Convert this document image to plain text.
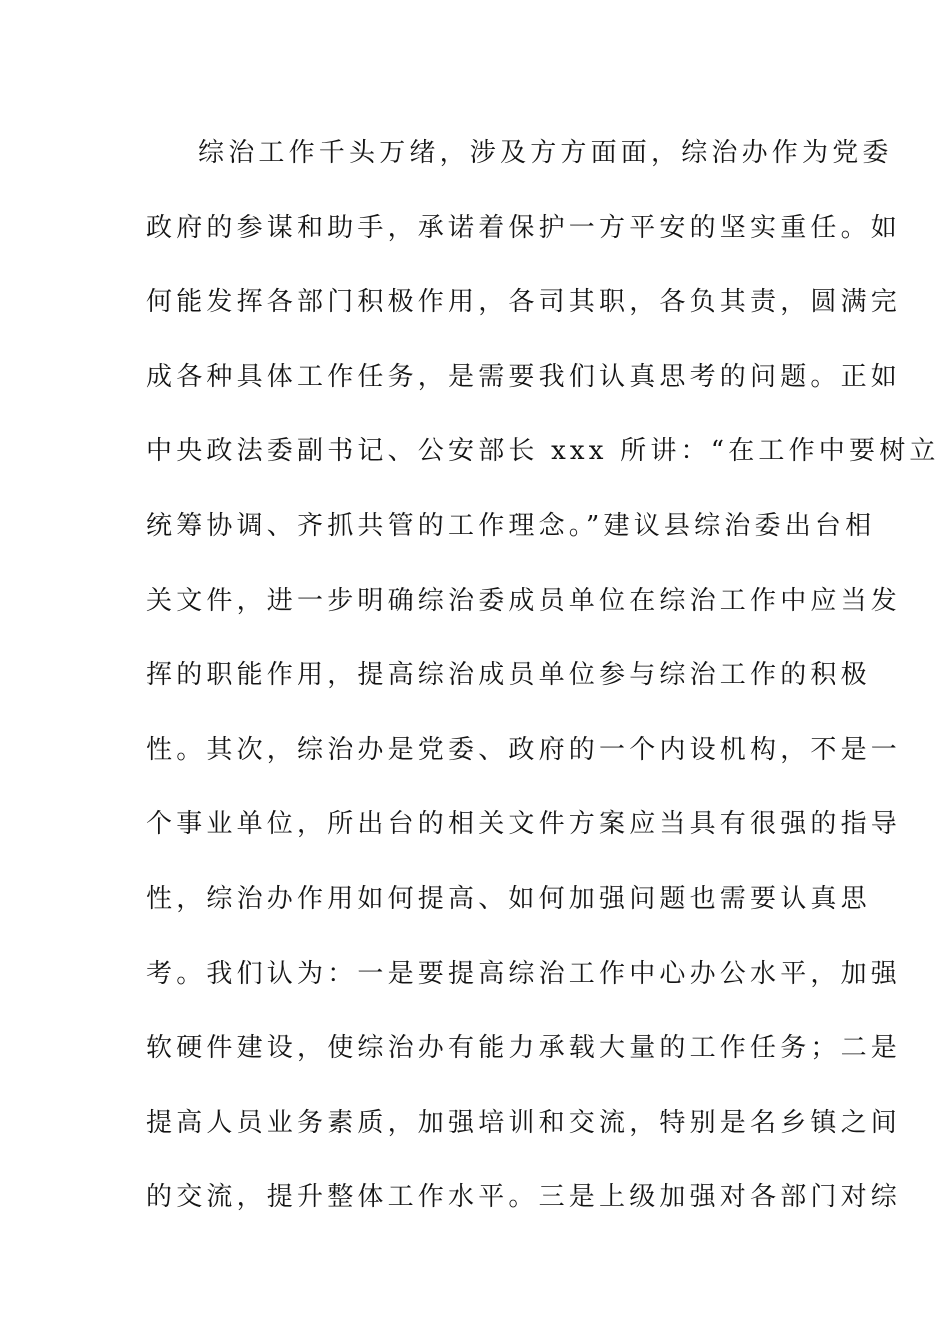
综治工作千头万绪，涉及方方面面，综治办作为党委
政府的参谋和助手，承诺着保护一方平安的坚实重任。如
何能发挥各部门积极作用，各司其职，各负其责，圆满完
成各种具体工作任务，是需要我们认真思考的问题。正如
中央政法委副书记、公安部长 xxx 所讲：“在工作中要树立
统筹协调、齐抓共管的工作理念。”建议县综治委出台相
关文件，进一步明确综治委成员单位在综治工作中应当发
挥的职能作用，提高综治成员单位参与综治工作的积极
性。其次，综治办是党委、政府的一个内设机构，不是一
个事业单位，所出台的相关文件方案应当具有很强的指导
性，综治办作用如何提高、如何加强问题也需要认真思
考。我们认为：一是要提高综治工作中心办公水平，加强
软硬件建设，使综治办有能力承载大量的工作任务；二是
提高人员业务素质，加强培训和交流，特别是名乡镇之间
的交流，提升整体工作水平。三是上级加强对各部门对综
